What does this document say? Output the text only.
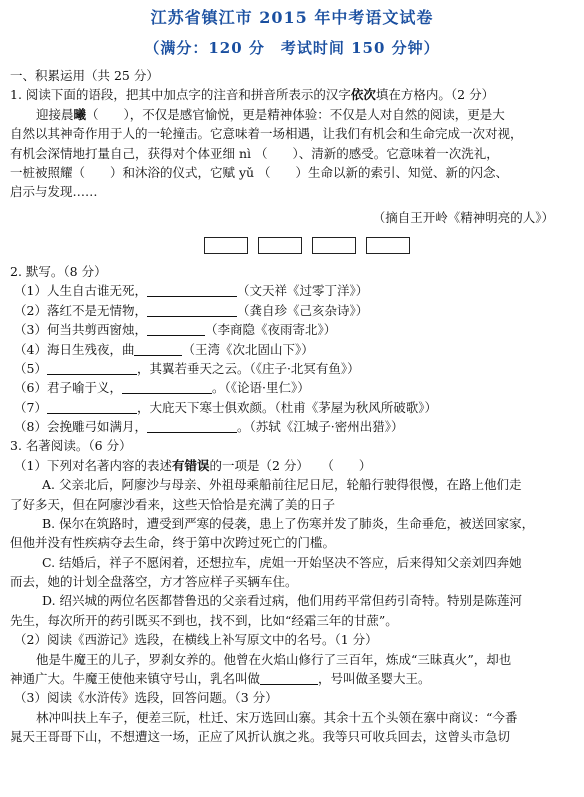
江苏省镇江市 2015 年中考语文试卷
（满分：120 分　考试时间 150 分钟）
一、积累运用（共 25 分）
1. 阅读下面的语段，把其中加点字的注音和拼音所表示的汉字依次填在方格内。（2 分）
迎接晨曦（　　），不仅是感官愉悦，更是精神体验：不仅是人对自然的阅读，更是大
自然以其神奇作用于人的一轮撞击。它意味着一场相遇，让我们有机会和生命完成一次对视，
有机会深情地打量自己，获得对个体亚细 nì （　　）、清新的感受。它意味着一次洗礼，
一桩被照耀（　　）和沐浴的仪式，它赋 yǔ （　　）生命以新的索引、知觉、新的闪念、
启示与发现……
（摘自王开岭《精神明亮的人》）
2. 默写。（8 分）
（1）人生自古谁无死，	（文天祥《过零丁洋》）
（2）落红不是无情物，	（龚自珍《己亥杂诗》）
（3）何当共剪西窗烛，	（李商隐《夜雨寄北》）
（4）海日生残夜，曲	（王湾《次北固山下》）
（5）	，其翼若垂天之云。（《庄子·北冥有鱼》）
（6）君子喻于义，	。（《论语·里仁》）
（7）	，大庇天下寒士俱欢颜。（杜甫《茅屋为秋风所破歌》）
（8）会挽雕弓如满月，	。（苏轼《江城子·密州出猎》）
3. 名著阅读。（6 分）
（1）下列对名著内容的表述有错误的一项是（2 分）　　（　　）
A. 父亲北后，阿廖沙与母亲、外祖母乘船前往尼日尼，轮船行驶得很慢，在路上他们走
了好多天，但在阿廖沙看来，这些天恰恰是充满了美的日子
B. 保尔在筑路时，遭受到严寒的侵袭，患上了伤寒并发了肺炎，生命垂危，被送回家家，
但他并没有性疾病夺去生命，终于第中次跨过死亡的门槛。
C. 结婚后，祥子不愿闲着，还想拉车，虎姐一开始坚决不答应，后来得知父亲刘四奔她
而去，她的计划全盘落空，方才答应样子买辆车住。
D. 绍兴城的两位名医都替鲁迅的父亲看过病，他们用药平常但药引奇特。特别是陈莲河
先生，每次所开的药引既买不到也，找不到，比如“经霜三年的甘蔗”。
（2）阅读《西游记》选段，在横线上补写原文中的名号。（1 分）
他是牛魔王的儿子，罗刹女养的。他曾在火焰山修行了三百年，炼成“三昧真火”，却也
神通广大。牛魔王使他来镇守号山，乳名叫做	，号叫做圣婴大王。
（3）阅读《水浒传》选段，回答问题。（3 分）
林冲叫扶上车子，便差三阮，杜迁、宋万选回山寨。其余十五个头领在寨中商议：“今番
晁天王哥哥下山，不想遭这一场，正应了风折认旗之兆。我等只可收兵回去，这曾头市急切
